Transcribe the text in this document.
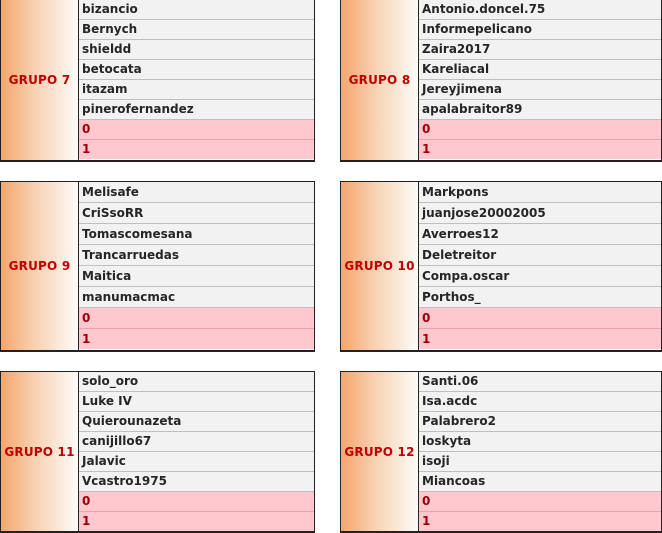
GRUPO 7
bizancio
Bernych
shieldd
betocata
itazam
pinerofernandez
0
1
GRUPO 8
Antonio.doncel.75
Informepelicano
Zaira2017
Kareliacal
Jereyjimena
apalabraitor89
0
1
GRUPO 9
Melisafe
CriSsoRR
Tomascomesana
Trancarruedas
Maitica
manumacmac
0
1
GRUPO 10
Markpons
juanjose20002005
Averroes12
Deletreitor
Compa.oscar
Porthos_
0
1
GRUPO 11
solo_oro
Luke IV
Quierounazeta
canijillo67
Jalavic
Vcastro1975
0
1
GRUPO 12
Santi.06
Isa.acdc
Palabrero2
loskyta
isoji
Miancoas
0
1
